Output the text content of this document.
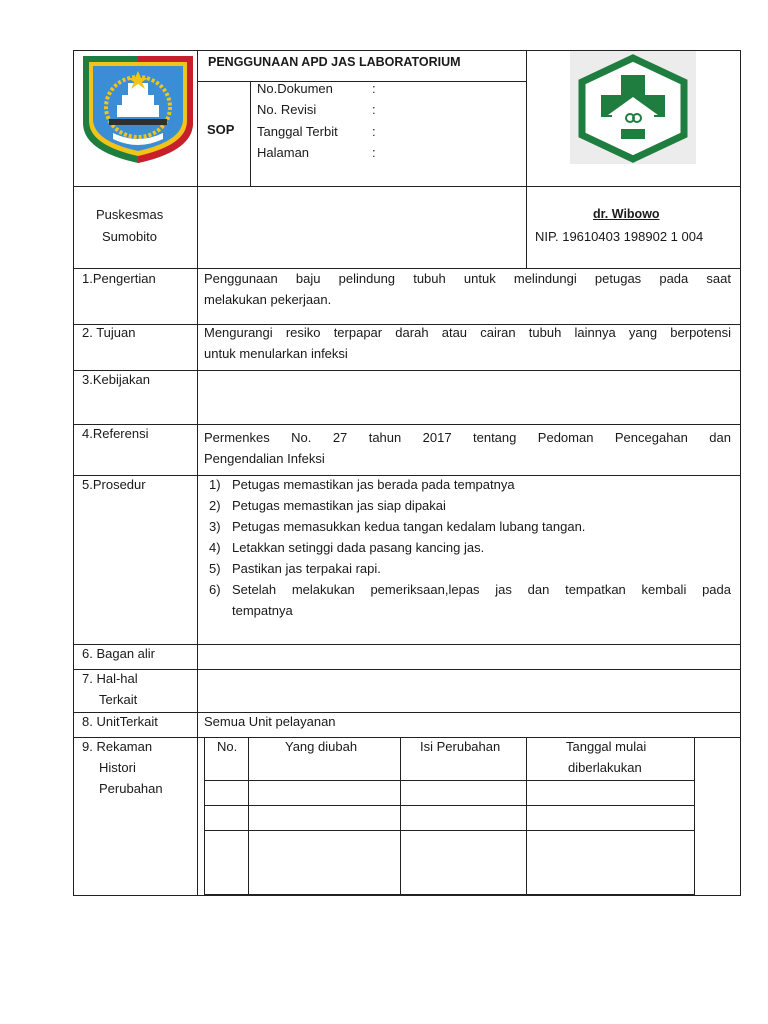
PENGGUNAAN APD JAS LABORATORIUM
SOP
No.Dokumen	:
No. Revisi	:
Tanggal Terbit	:
Halaman	:
Puskesmas
Sumobito
dr. Wibowo
NIP. 19610403 198902 1 004
1.Pengertian	Penggunaan baju pelindung tubuh untuk melindungi petugas pada saat
melakukan pekerjaan.
2. Tujuan	Mengurangi resiko terpapar darah atau cairan tubuh lainnya yang berpotensi
untuk menularkan infeksi
3.Kebijakan
4.Referensi	Permenkes No. 27 tahun 2017 tentang Pedoman Pencegahan dan
Pengendalian Infeksi
5.Prosedur	1) Petugas memastikan jas berada pada tempatnya
2) Petugas memastikan jas siap dipakai
3) Petugas memasukkan kedua tangan kedalam lubang tangan.
4) Letakkan setinggi dada pasang kancing jas.
5) Pastikan jas terpakai rapi.
6) Setelah melakukan pemeriksaan,lepas jas dan tempatkan kembali pada
tempatnya
6. Bagan alir
7. Hal-hal
Terkait
8. UnitTerkait	Semua Unit pelayanan
9. Rekaman
Histori
Perubahan
No.	Yang diubah	Isi Perubahan	Tanggal mulai
diberlakukan
